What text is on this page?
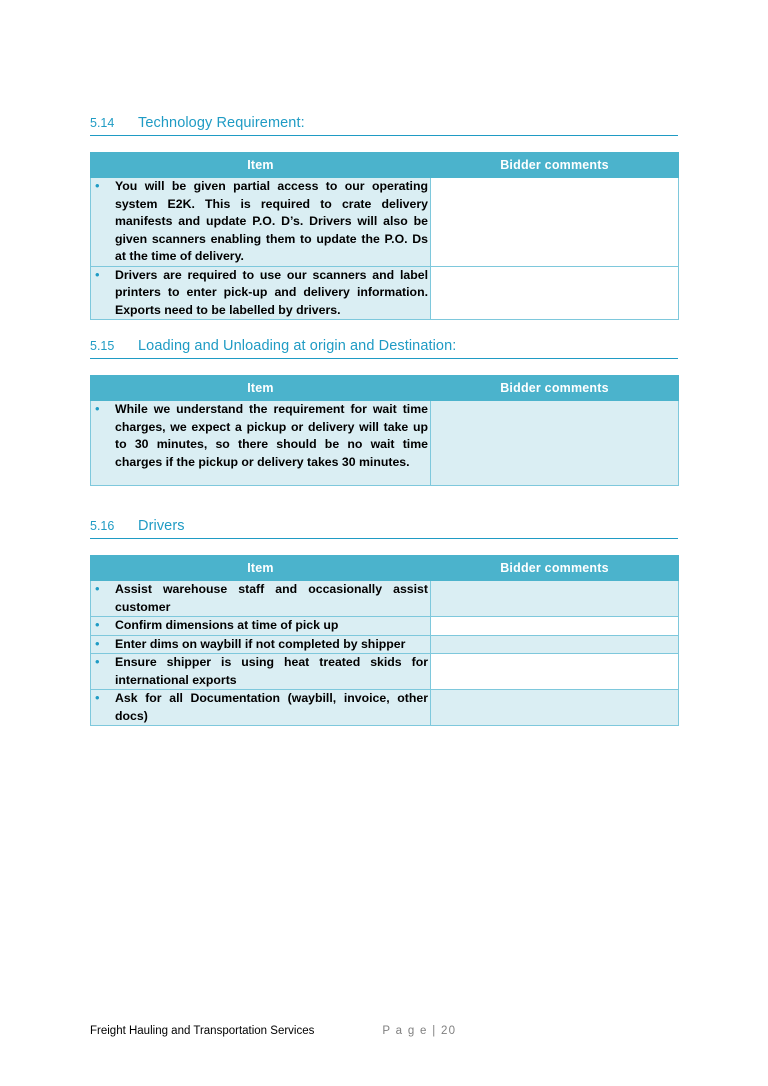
5.14	Technology Requirement:
Item	Bidder comments

• You will be given partial access to our operating system E2K. This is required to crate delivery manifests and update P.O. D’s. Drivers will also be given scanners enabling them to update the P.O. Ds at the time of delivery.	

• Drivers are required to use our scanners and label printers to enter pick-up and delivery information. Exports need to be labelled by drivers.	

5.15	Loading and Unloading at origin and Destination:
Item	Bidder comments

• While we understand the requirement for wait time charges, we expect a pickup or delivery will take up to 30 minutes, so there should be no wait time charges if the pickup or delivery takes 30 minutes.	

5.16	Drivers
Item	Bidder comments

• Assist warehouse staff and occasionally assist customer	

• Confirm dimensions at time of pick up	

• Enter dims on waybill if not completed by shipper	

• Ensure shipper is using heat treated skids for international exports	

• Ask for all Documentation (waybill, invoice, other docs)	

Freight Hauling and Transportation Services	P a g e | 20
